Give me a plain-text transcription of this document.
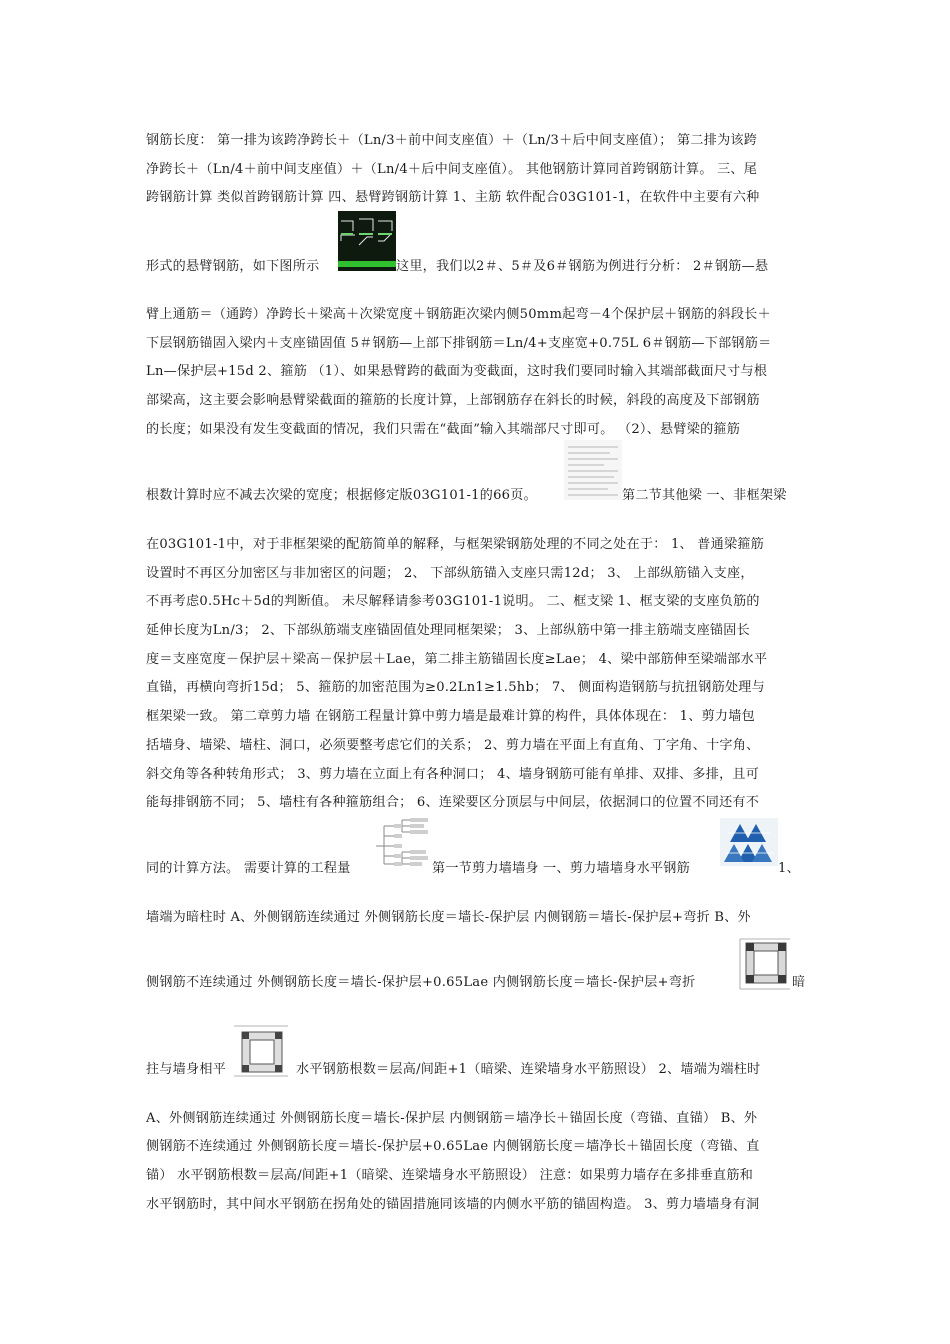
钢筋长度： 第一排为该跨净跨长＋（Ln/3＋前中间支座值）＋（Ln/3＋后中间支座值）； 第二排为该跨
净跨长＋（Ln/4＋前中间支座值）＋（Ln/4＋后中间支座值）。 其他钢筋计算同首跨钢筋计算。 三、尾
跨钢筋计算 类似首跨钢筋计算 四、悬臂跨钢筋计算 1、主筋 软件配合03G101-1，在软件中主要有六种
形式的悬臂钢筋，如下图所示	这里，我们以2＃、5＃及6＃钢筋为例进行分析： 2＃钢筋—悬
臂上通筋＝（通跨）净跨长＋梁高＋次梁宽度＋钢筋距次梁内侧50mm起弯－4个保护层＋钢筋的斜段长＋
下层钢筋锚固入梁内＋支座锚固值 5＃钢筋—上部下排钢筋＝Ln/4+支座宽+0.75L 6＃钢筋—下部钢筋＝
Ln—保护层+15d 2、箍筋 （1）、如果悬臂跨的截面为变截面，这时我们要同时输入其端部截面尺寸与根
部梁高，这主要会影响悬臂梁截面的箍筋的长度计算，上部钢筋存在斜长的时候，斜段的高度及下部钢筋
的长度；如果没有发生变截面的情况，我们只需在“截面”输入其端部尺寸即可。 （2）、悬臂梁的箍筋
根数计算时应不减去次梁的宽度；根据修定版03G101-1的66页。	第二节其他梁 一、非框架梁
在03G101-1中，对于非框架梁的配筋简单的解释，与框架梁钢筋处理的不同之处在于： 1、 普通梁箍筋
设置时不再区分加密区与非加密区的问题； 2、 下部纵筋锚入支座只需12d； 3、 上部纵筋锚入支座，
不再考虑0.5Hc＋5d的判断值。 未尽解释请参考03G101-1说明。 二、框支梁 1、框支梁的支座负筋的
延伸长度为Ln/3； 2、下部纵筋端支座锚固值处理同框架梁； 3、上部纵筋中第一排主筋端支座锚固长
度＝支座宽度－保护层＋梁高－保护层＋Lae，第二排主筋锚固长度≥Lae； 4、梁中部筋伸至梁端部水平
直锚，再横向弯折15d； 5、箍筋的加密范围为≥0.2Ln1≥1.5hb； 7、 侧面构造钢筋与抗扭钢筋处理与
框架梁一致。 第二章剪力墙 在钢筋工程量计算中剪力墙是最难计算的构件，具体体现在： 1、剪力墙包
括墙身、墙梁、墙柱、洞口，必须要整考虑它们的关系； 2、剪力墙在平面上有直角、丁字角、十字角、
斜交角等各种转角形式； 3、剪力墙在立面上有各种洞口； 4、墙身钢筋可能有单排、双排、多排，且可
能每排钢筋不同； 5、墙柱有各种箍筋组合； 6、连梁要区分顶层与中间层，依据洞口的位置不同还有不
同的计算方法。 需要计算的工程量	第一节剪力墙墙身 一、剪力墙墙身水平钢筋	1、
墙端为暗柱时 A、外侧钢筋连续通过 外侧钢筋长度＝墙长-保护层 内侧钢筋＝墙长-保护层+弯折 B、外
侧钢筋不连续通过 外侧钢筋长度＝墙长-保护层+0.65Lae 内侧钢筋长度＝墙长-保护层+弯折	暗
拄与墙身相平	水平钢筋根数＝层高/间距+1（暗梁、连梁墙身水平筋照设） 2、墙端为端柱时
A、外侧钢筋连续通过 外侧钢筋长度＝墙长-保护层 内侧钢筋＝墙净长＋锚固长度（弯锚、直锚） B、外
侧钢筋不连续通过 外侧钢筋长度＝墙长-保护层+0.65Lae 内侧钢筋长度＝墙净长＋锚固长度（弯锚、直
锚） 水平钢筋根数＝层高/间距+1（暗梁、连梁墙身水平筋照设） 注意：如果剪力墙存在多排垂直筋和
水平钢筋时，其中间水平钢筋在拐角处的锚固措施同该墙的内侧水平筋的锚固构造。 3、剪力墙墙身有洞
